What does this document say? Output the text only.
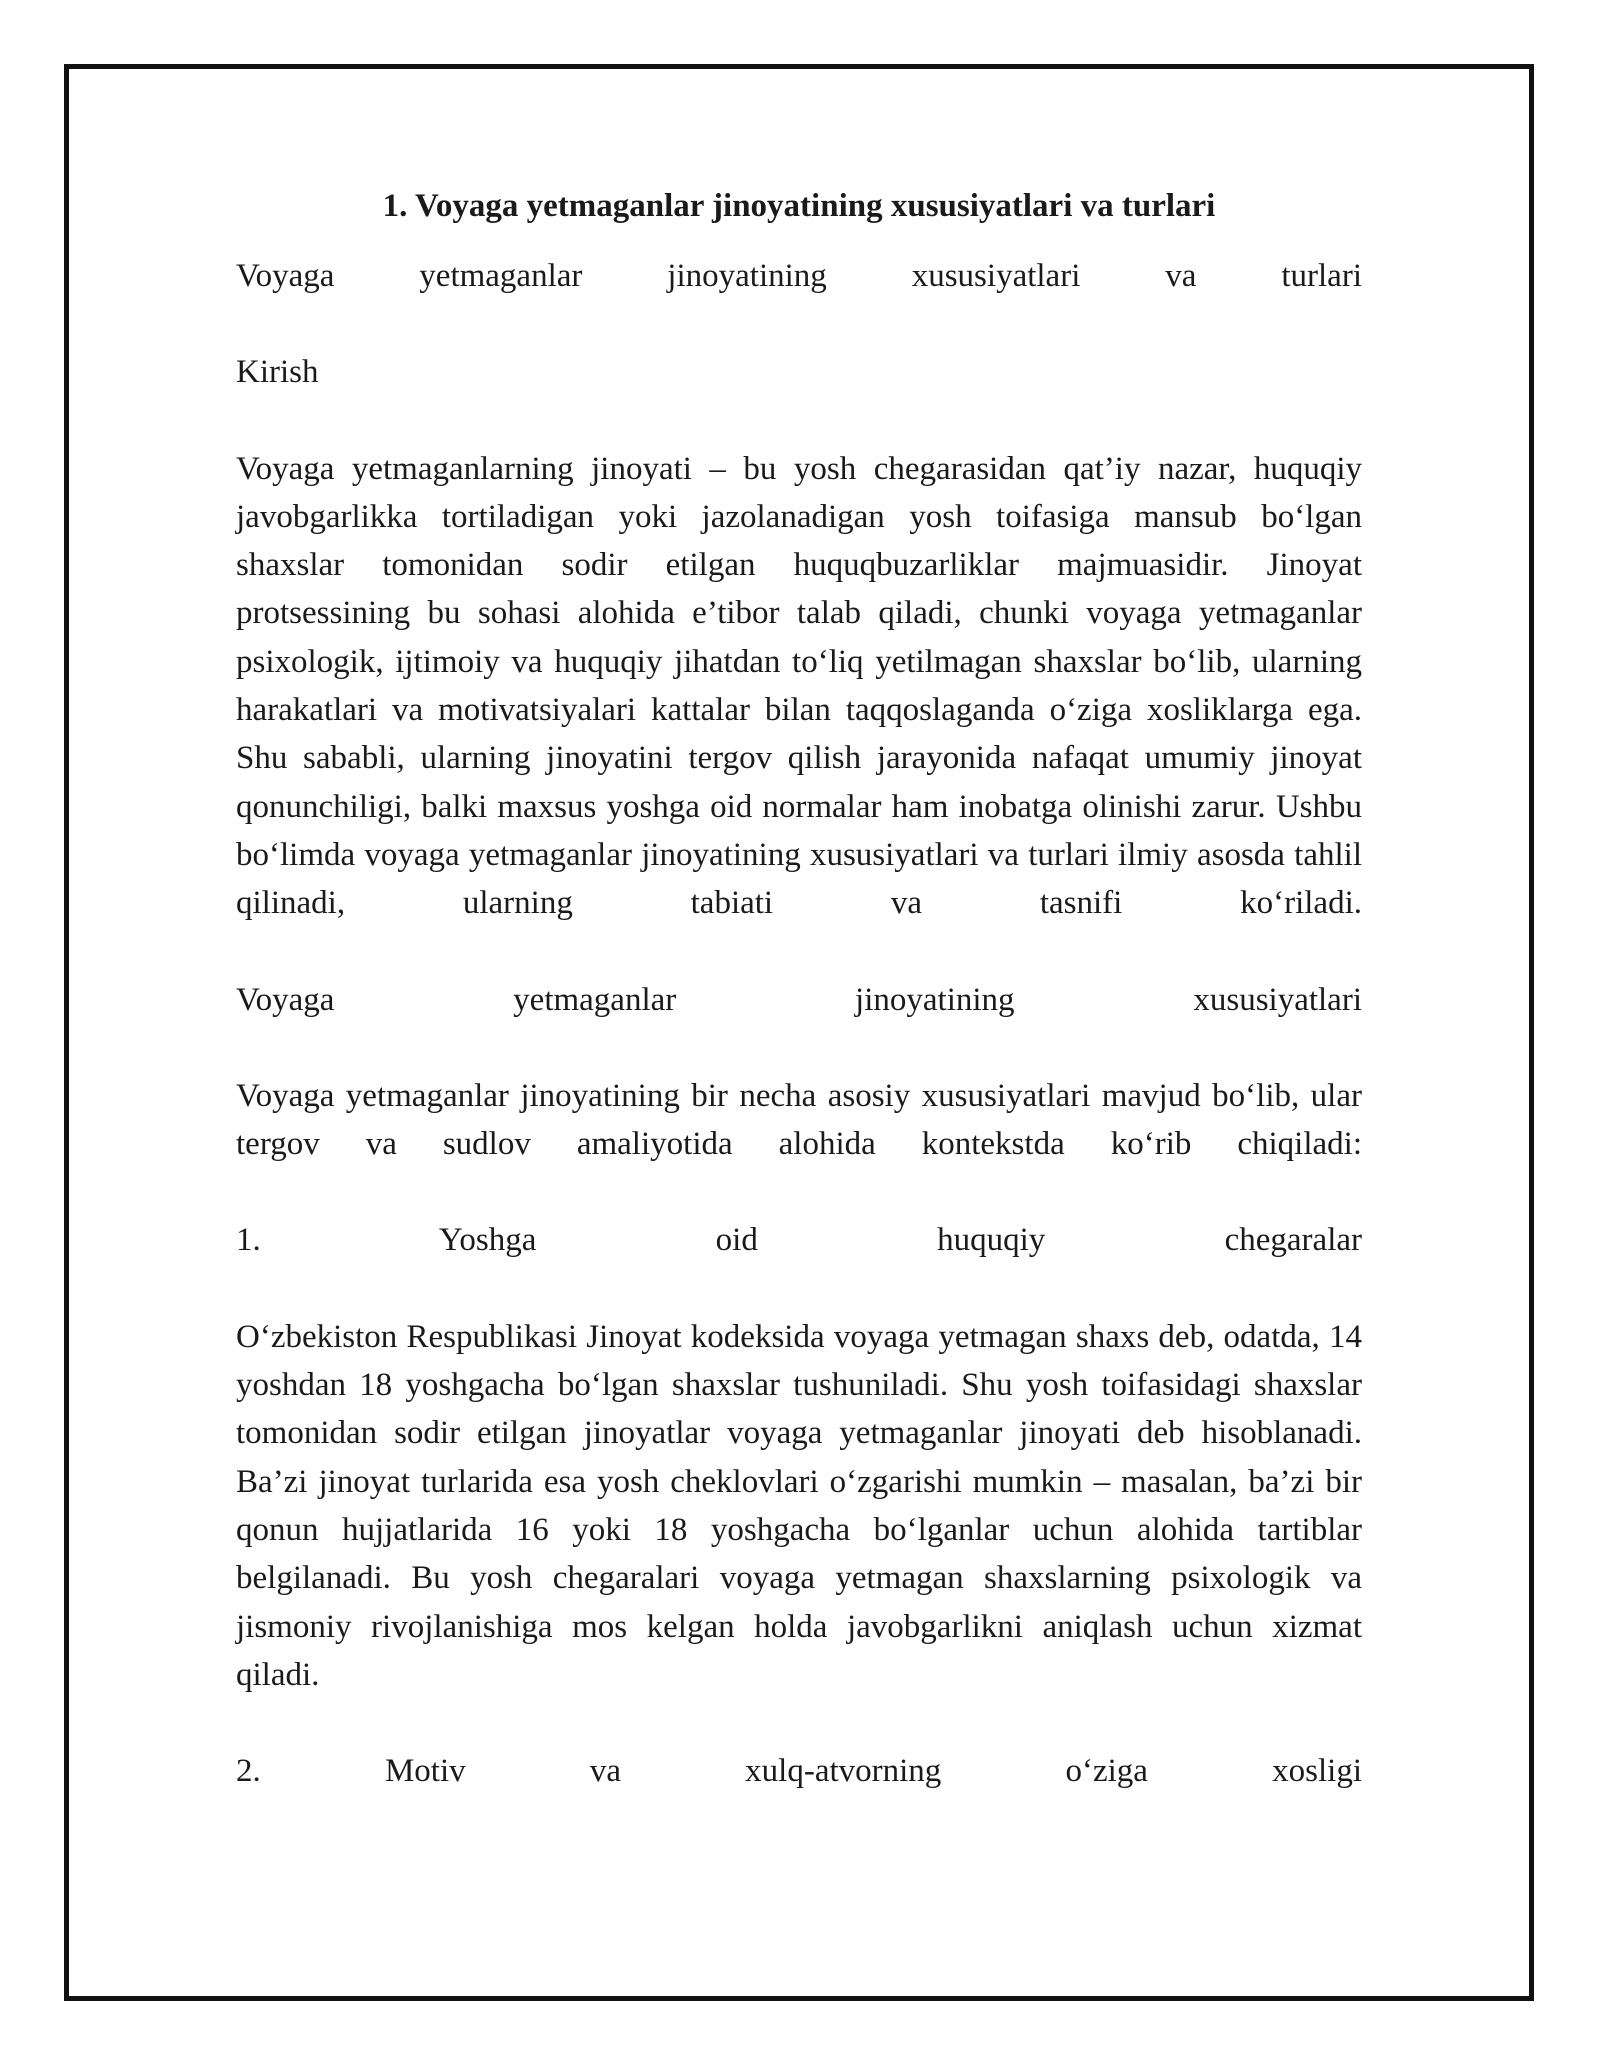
1. Voyaga yetmaganlar jinoyatining xususiyatlari va turlari

Voyaga yetmaganlar jinoyatining xususiyatlari va turlari

Kirish

Voyaga yetmaganlarning jinoyati – bu yosh chegarasidan qat’iy nazar, huquqiy javobgarlikka tortiladigan yoki jazolanadigan yosh toifasiga mansub boʻlgan shaxslar tomonidan sodir etilgan huquqbuzarliklar majmuasidir. Jinoyat protsessining bu sohasi alohida e’tibor talab qiladi, chunki voyaga yetmaganlar psixologik, ijtimoiy va huquqiy jihatdan toʻliq yetilmagan shaxslar boʻlib, ularning harakatlari va motivatsiyalari kattalar bilan taqqoslaganda oʻziga xosliklarga ega. Shu sababli, ularning jinoyatini tergov qilish jarayonida nafaqat umumiy jinoyat qonunchiligi, balki maxsus yoshga oid normalar ham inobatga olinishi zarur. Ushbu boʻlimda voyaga yetmaganlar jinoyatining xususiyatlari va turlari ilmiy asosda tahlil qilinadi, ularning tabiati va tasnifi koʻriladi.

Voyaga yetmaganlar jinoyatining xususiyatlari

Voyaga yetmaganlar jinoyatining bir necha asosiy xususiyatlari mavjud boʻlib, ular tergov va sudlov amaliyotida alohida kontekstda koʻrib chiqiladi:

1. Yoshga oid huquqiy chegaralar

Oʻzbekiston Respublikasi Jinoyat kodeksida voyaga yetmagan shaxs deb, odatda, 14 yoshdan 18 yoshgacha boʻlgan shaxslar tushuniladi. Shu yosh toifasidagi shaxslar tomonidan sodir etilgan jinoyatlar voyaga yetmaganlar jinoyati deb hisoblanadi. Ba’zi jinoyat turlarida esa yosh cheklovlari oʻzgarishi mumkin – masalan, ba’zi bir qonun hujjatlarida 16 yoki 18 yoshgacha boʻlganlar uchun alohida tartiblar belgilanadi. Bu yosh chegaralari voyaga yetmagan shaxslarning psixologik va jismoniy rivojlanishiga mos kelgan holda javobgarlikni aniqlash uchun xizmat qiladi.

2. Motiv va xulq-atvorning oʻziga xosligi
